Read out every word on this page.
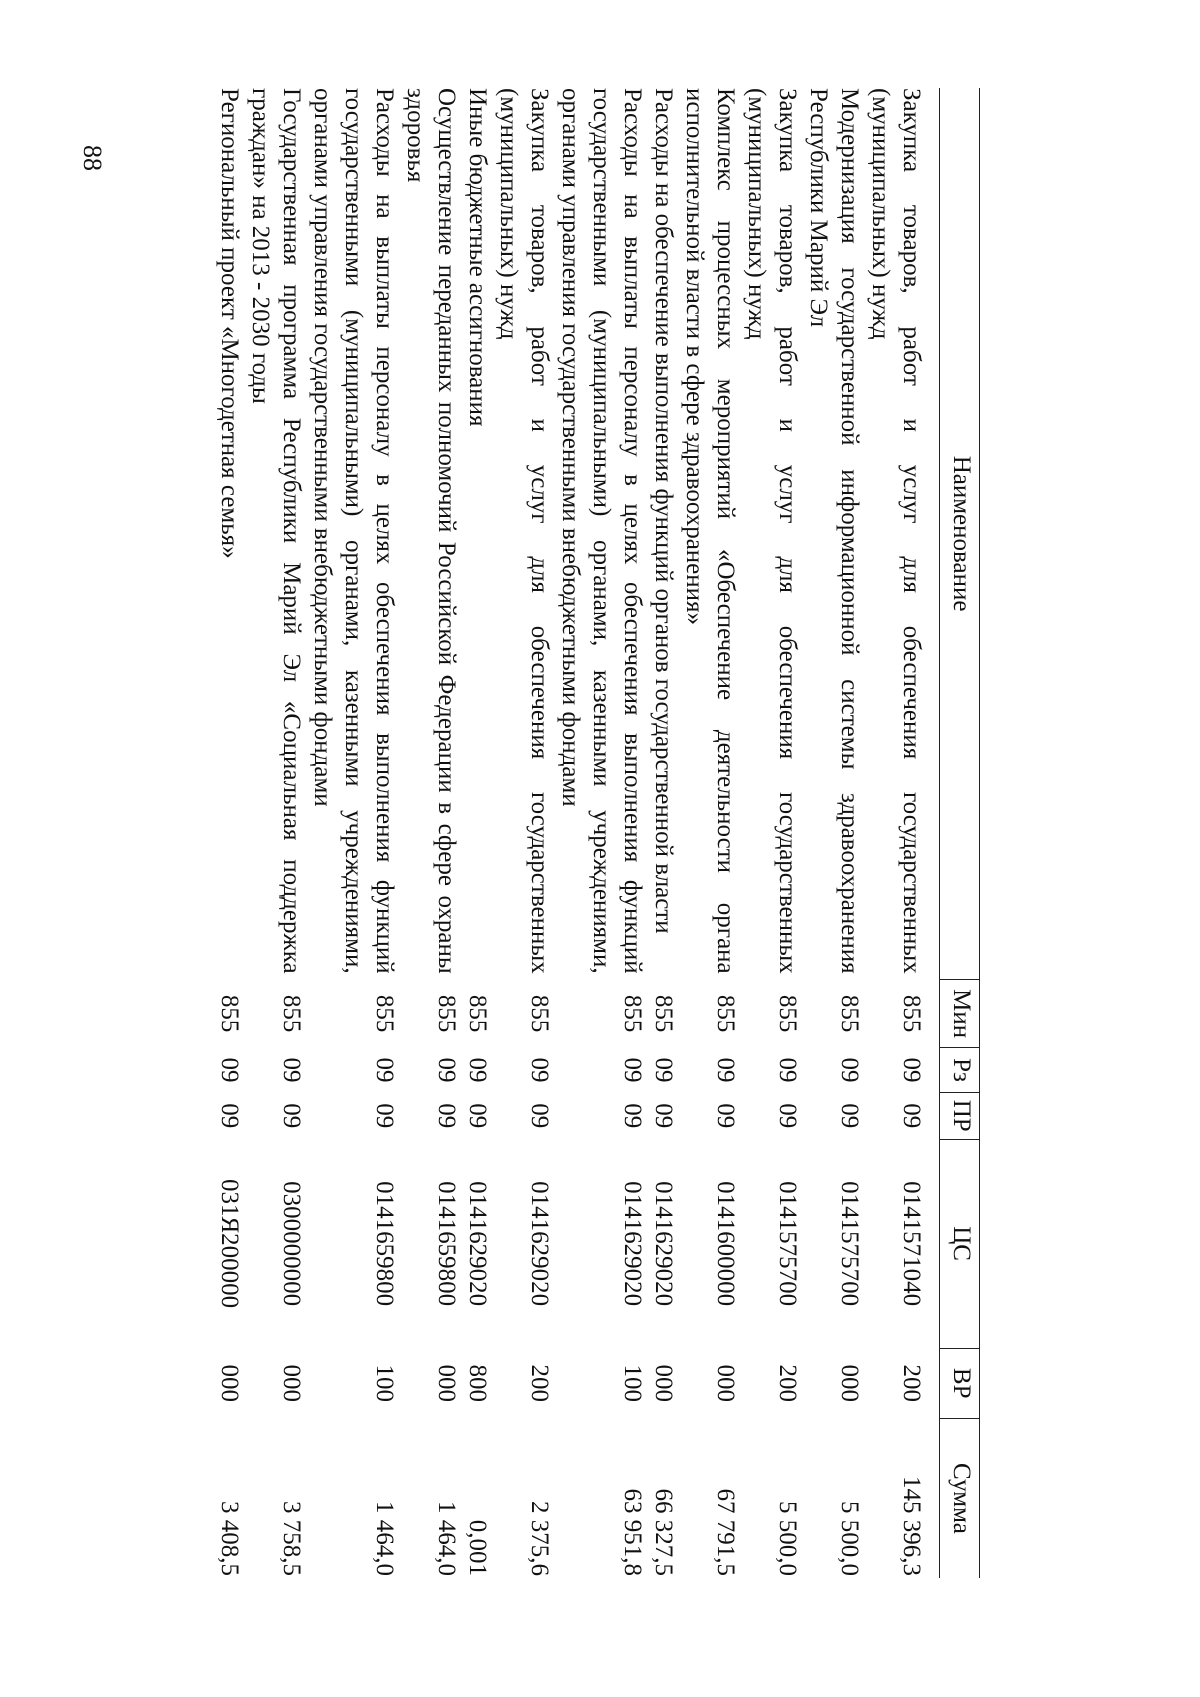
88
Наименование	Мин	Рз	ПР	ЦС	ВР	Сумма

Закупка товаров, работ и услуг для обеспечения государственных (муниципальных) нужд	855	09	09	0141571040	200	145 396,3
Модернизация государственной информационной системы здравоохранения Республики Марий Эл	855	09	09	0141575700	000	5 500,0
Закупка товаров, работ и услуг для обеспечения государственных (муниципальных) нужд	855	09	09	0141575700	200	5 500,0
Комплекс процессных мероприятий «Обеспечение деятельности органа исполнительной власти в сфере здравоохранения»	855	09	09	0141600000	000	67 791,5
Расходы на обеспечение выполнения функций органов государственной власти	855	09	09	0141629020	000	66 327,5
Расходы на выплаты персоналу в целях обеспечения выполнения функций государственными (муниципальными) органами, казенными учреждениями, органами управления государственными внебюджетными фондами	855	09	09	0141629020	100	63 951,8
Закупка товаров, работ и услуг для обеспечения государственных (муниципальных) нужд	855	09	09	0141629020	200	2 375,6
Иные бюджетные ассигнования	855	09	09	0141629020	800	0,001
Осуществление переданных полномочий Российской Федерации в сфере охраны здоровья	855	09	09	0141659800	000	1 464,0
Расходы на выплаты персоналу в целях обеспечения выполнения функций государственными (муниципальными) органами, казенными учреждениями, органами управления государственными внебюджетными фондами	855	09	09	0141659800	100	1 464,0
Государственная программа Республики Марий Эл «Социальная поддержка граждан» на 2013 - 2030 годы	855	09	09	0300000000	000	3 758,5
Региональный проект «Многодетная семья»	855	09	09	031Я200000	000	3 408,5
